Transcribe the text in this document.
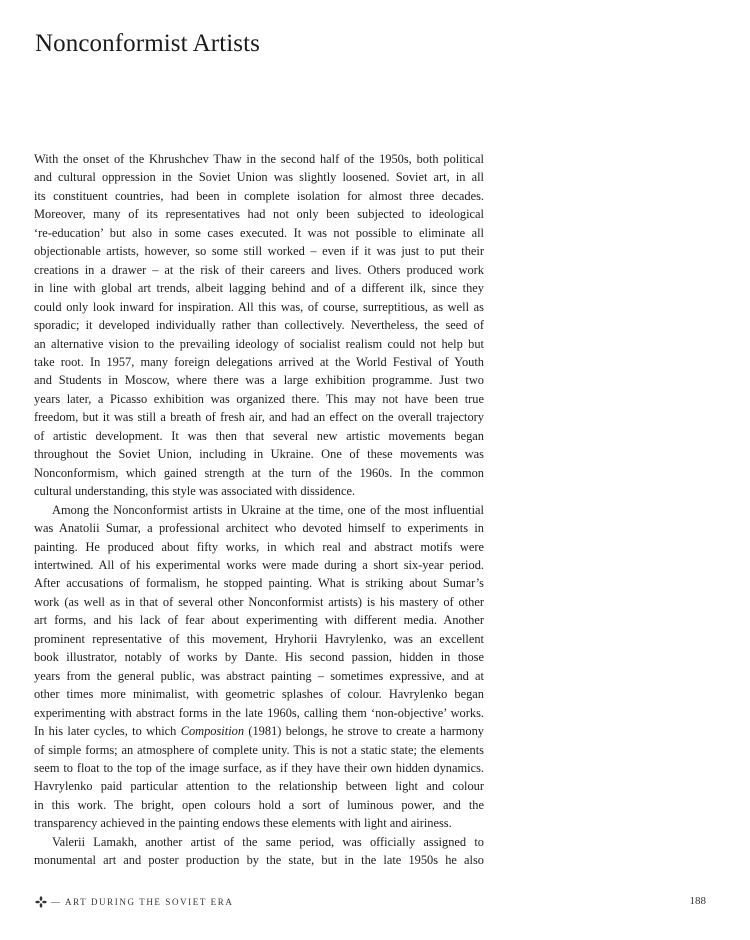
Nonconformist Artists

With the onset of the Khrushchev Thaw in the second half of the 1950s, both political

and cultural oppression in the Soviet Union was slightly loosened. Soviet art, in all

its constituent countries, had been in complete isolation for almost three decades.

Moreover, many of its representatives had not only been subjected to ideological

‘re-education’ but also in some cases executed. It was not possible to eliminate all

objectionable artists, however, so some still worked – even if it was just to put their

creations in a drawer – at the risk of their careers and lives. Others produced work

in line with global art trends, albeit lagging behind and of a different ilk, since they

could only look inward for inspiration. All this was, of course, surreptitious, as well as

sporadic; it developed individually rather than collectively. Nevertheless, the seed of

an alternative vision to the prevailing ideology of socialist realism could not help but

take root. In 1957, many foreign delegations arrived at the World Festival of Youth

and Students in Moscow, where there was a large exhibition programme. Just two

years later, a Picasso exhibition was organized there. This may not have been true

freedom, but it was still a breath of fresh air, and had an effect on the overall trajectory

of artistic development. It was then that several new artistic movements began

throughout the Soviet Union, including in Ukraine. One of these movements was

Nonconformism, which gained strength at the turn of the 1960s. In the common

cultural understanding, this style was associated with dissidence.

Among the Nonconformist artists in Ukraine at the time, one of the most influential

was Anatolii Sumar, a professional architect who devoted himself to experiments in

painting. He produced about fifty works, in which real and abstract motifs were

intertwined. All of his experimental works were made during a short six-year period.

After accusations of formalism, he stopped painting. What is striking about Sumar’s

work (as well as in that of several other Nonconformist artists) is his mastery of other

art forms, and his lack of fear about experimenting with different media. Another

prominent representative of this movement, Hryhorii Havrylenko, was an excellent

book illustrator, notably of works by Dante. His second passion, hidden in those

years from the general public, was abstract painting – sometimes expressive, and at

other times more minimalist, with geometric splashes of colour. Havrylenko began

experimenting with abstract forms in the late 1960s, calling them ‘non-objective’ works.

In his later cycles, to which Composition (1981) belongs, he strove to create a harmony

of simple forms; an atmosphere of complete unity. This is not a static state; the elements

seem to float to the top of the image surface, as if they have their own hidden dynamics.

Havrylenko paid particular attention to the relationship between light and colour

in this work. The bright, open colours hold a sort of luminous power, and the

transparency achieved in the painting endows these elements with light and airiness.

Valerii Lamakh, another artist of the same period, was officially assigned to

monumental art and poster production by the state, but in the late 1950s he also

— ART DURING THE SOVIET ERA	188
